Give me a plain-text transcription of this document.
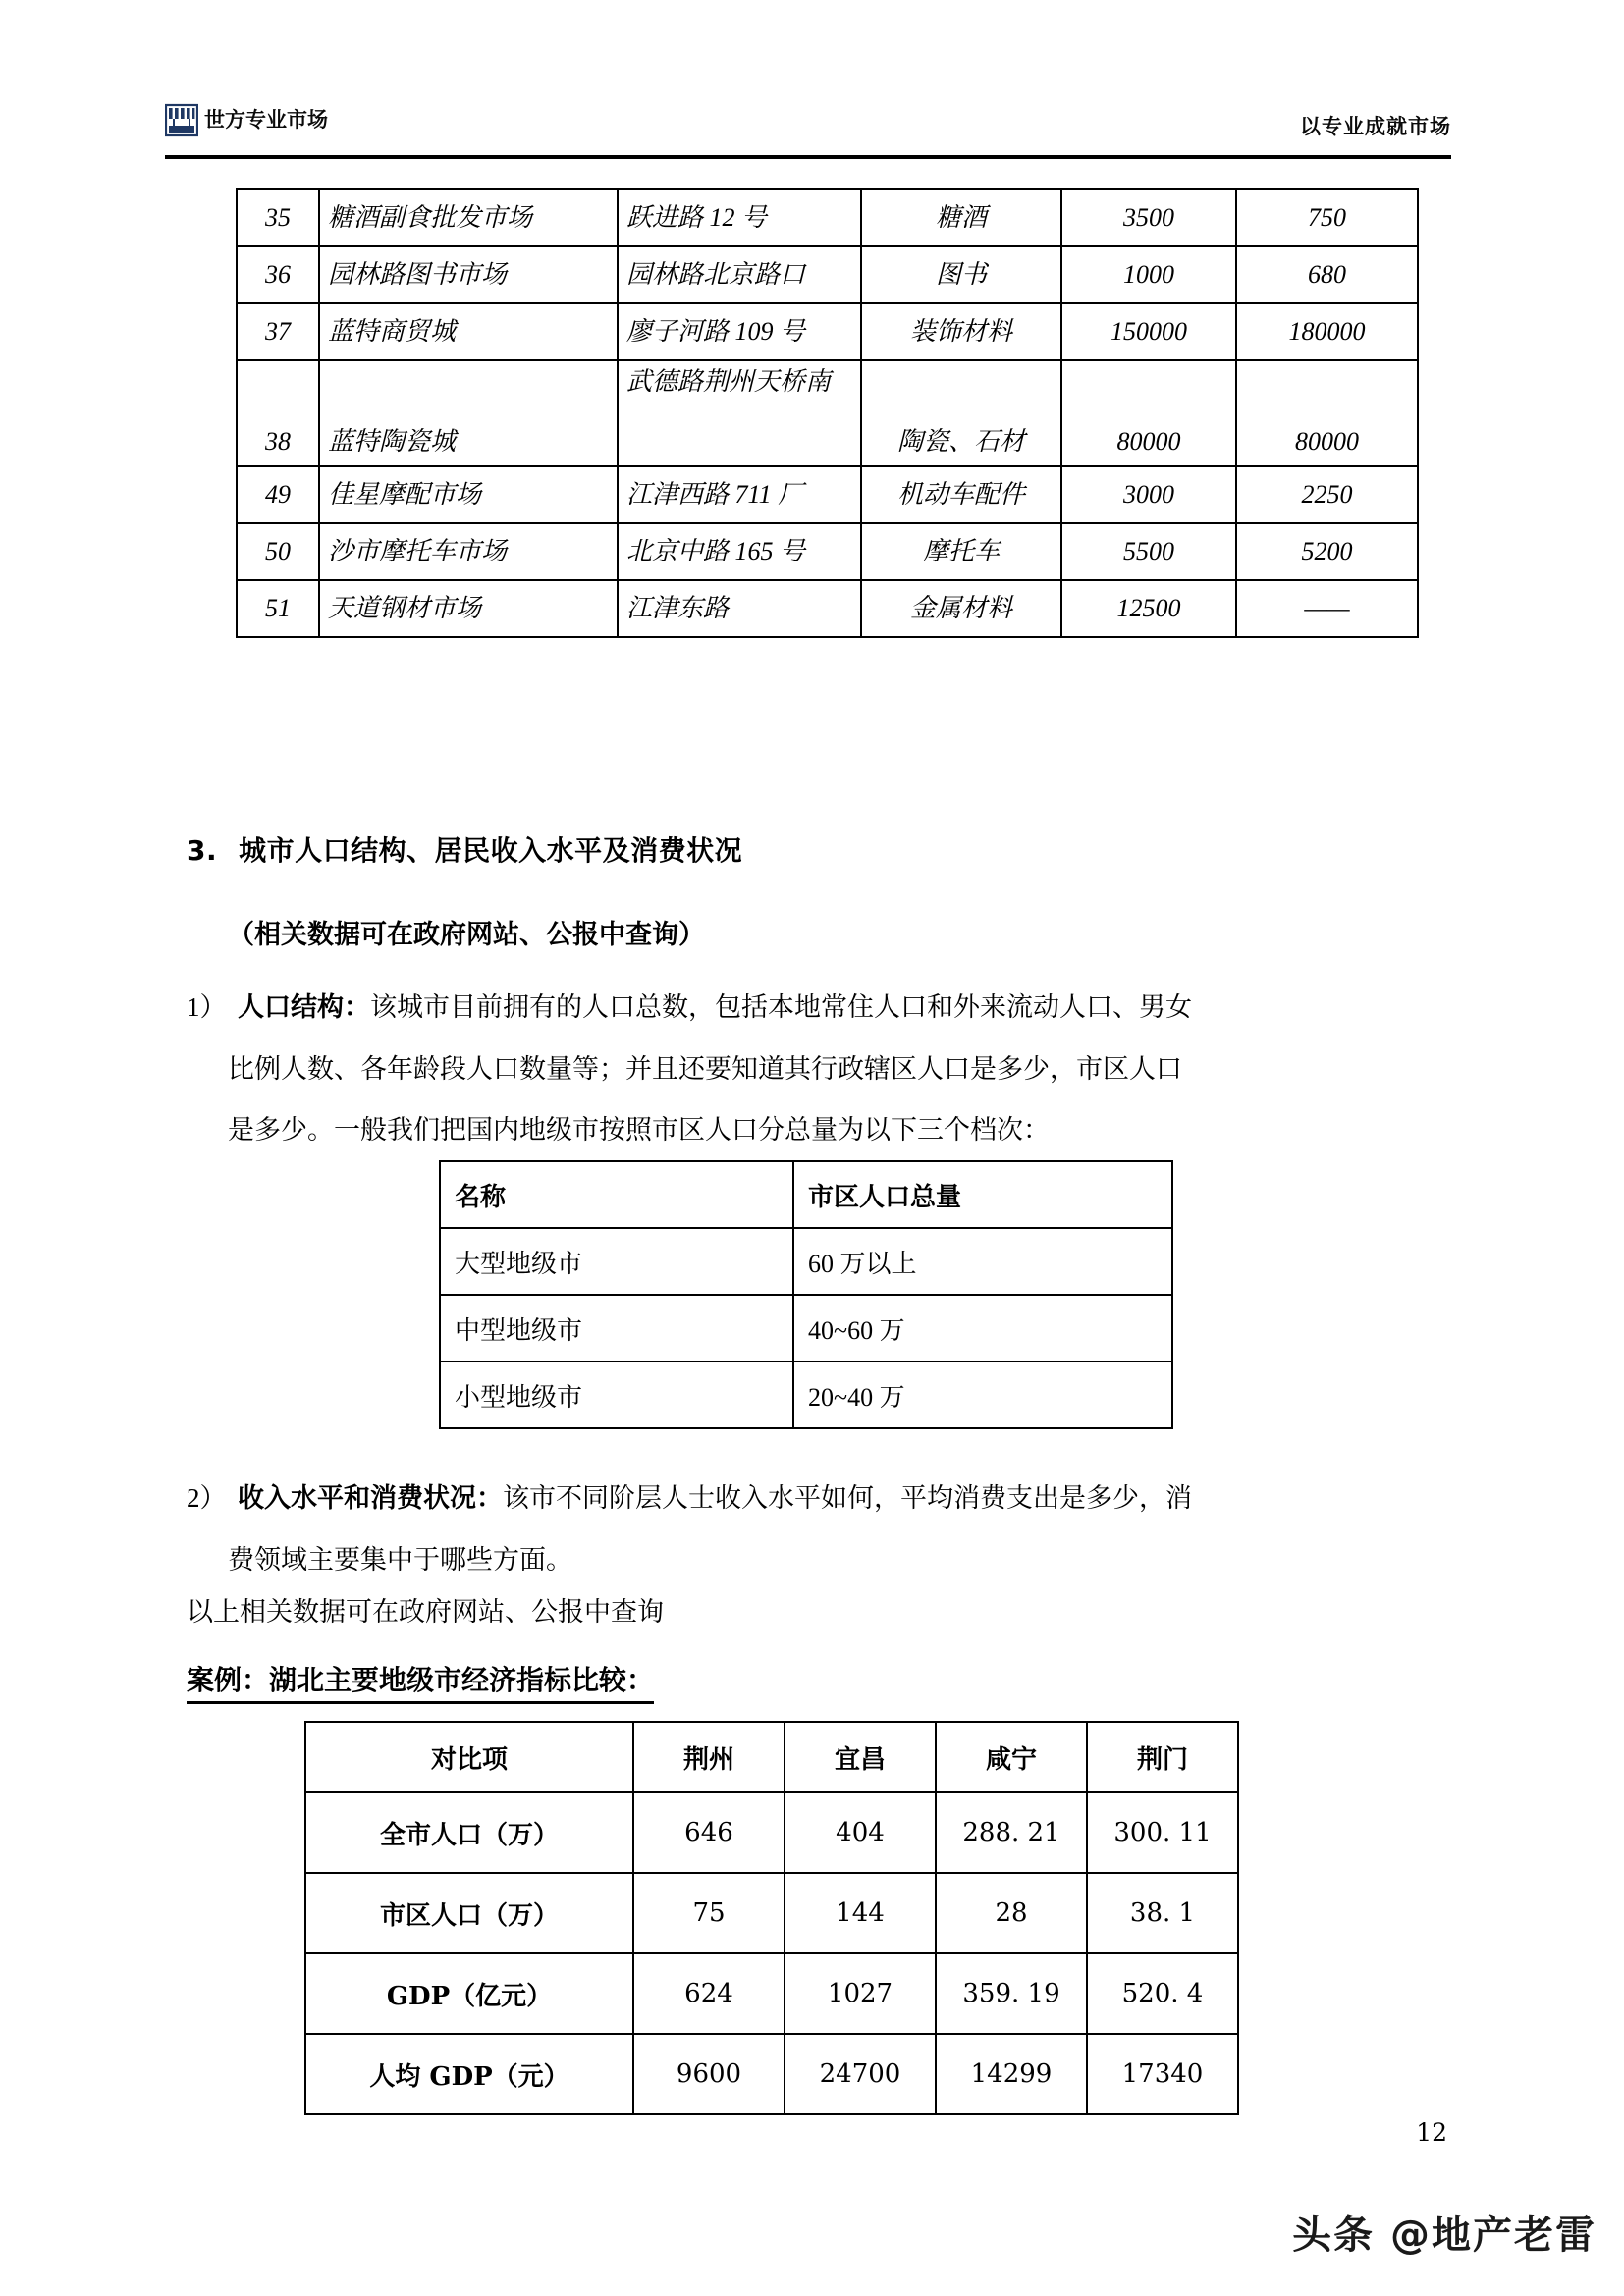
世方专业市场	以专业成就市场
35	糖酒副食批发市场	跃进路 12 号	糖酒	3500	750
36	园林路图书市场	园林路北京路口	图书	1000	680
37	蓝特商贸城	廖子河路 109 号	装饰材料	150000	180000
38	蓝特陶瓷城	武德路荆州天桥南	陶瓷、石材	80000	80000
49	佳星摩配市场	江津西路 711 厂	机动车配件	3000	2250
50	沙市摩托车市场	北京中路 165 号	摩托车	5500	5200
51	天道钢材市场	江津东路	金属材料	12500	——
3. 城市人口结构、居民收入水平及消费状况
（相关数据可在政府网站、公报中查询）
1） 人口结构：该城市目前拥有的人口总数，包括本地常住人口和外来流动人口、男女
比例人数、各年龄段人口数量等；并且还要知道其行政辖区人口是多少，市区人口
是多少。一般我们把国内地级市按照市区人口分总量为以下三个档次：
名称	市区人口总量
大型地级市	60 万以上
中型地级市	40~60 万
小型地级市	20~40 万
2） 收入水平和消费状况：该市不同阶层人士收入水平如何，平均消费支出是多少，消
费领域主要集中于哪些方面。
以上相关数据可在政府网站、公报中查询
案例：湖北主要地级市经济指标比较：
对比项	荆州	宜昌	咸宁	荆门
全市人口（万）	646	404	288. 21	300. 11
市区人口（万）	75	144	28	38. 1
GDP（亿元）	624	1027	359. 19	520. 4
人均 GDP（元）	9600	24700	14299	17340
12
头条 @地产老雷
